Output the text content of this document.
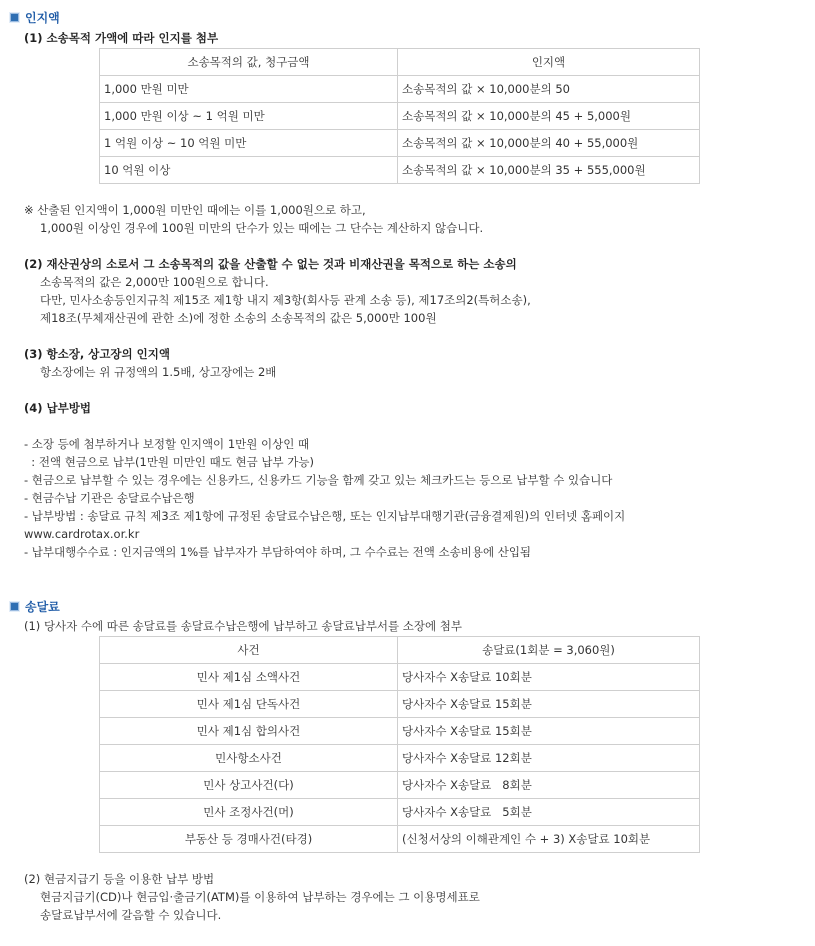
인지액
(1) 소송목적 가액에 따라 인지를 첨부
소송목적의 값, 청구금액	인지액
1,000 만원 미만	소송목적의 값 × 10,000분의 50
1,000 만원 이상 ~ 1 억원 미만	소송목적의 값 × 10,000분의 45 + 5,000원
1 억원 이상 ~ 10 억원 미만	소송목적의 값 × 10,000분의 40 + 55,000원
10 억원 이상	소송목적의 값 × 10,000분의 35 + 555,000원
※ 산출된 인지액이 1,000원 미만인 때에는 이를 1,000원으로 하고,
1,000원 이상인 경우에 100원 미만의 단수가 있는 때에는 그 단수는 계산하지 않습니다.
(2) 재산권상의 소로서 그 소송목적의 값을 산출할 수 없는 것과 비재산권을 목적으로 하는 소송의
소송목적의 값은 2,000만 100원으로 합니다.
다만, 민사소송등인지규칙 제15조 제1항 내지 제3항(회사등 관계 소송 등), 제17조의2(특허소송),
제18조(무체재산권에 관한 소)에 정한 소송의 소송목적의 값은 5,000만 100원
(3) 항소장, 상고장의 인지액
항소장에는 위 규정액의 1.5배, 상고장에는 2배
(4) 납부방법
- 소장 등에 첨부하거나 보정할 인지액이 1만원 이상인 때
: 전액 현금으로 납부(1만원 미만인 때도 현금 납부 가능)
- 현금으로 납부할 수 있는 경우에는 신용카드, 신용카드 기능을 함께 갖고 있는 체크카드는 등으로 납부할 수 있습니다
- 현금수납 기관은 송달료수납은행
- 납부방법 : 송달료 규칙 제3조 제1항에 규정된 송달료수납은행, 또는 인지납부대행기관(금융결제원)의 인터넷 홈페이지
www.cardrotax.or.kr
- 납부대행수수료 : 인지금액의 1%를 납부자가 부담하여야 하며, 그 수수료는 전액 소송비용에 산입됨
송달료
(1) 당사자 수에 따른 송달료를 송달료수납은행에 납부하고 송달료납부서를 소장에 첨부
사건	송달료(1회분 = 3,060원)
민사 제1심 소액사건	당사자수 X송달료 10회분
민사 제1심 단독사건	당사자수 X송달료 15회분
민사 제1심 합의사건	당사자수 X송달료 15회분
민사항소사건	당사자수 X송달료 12회분
민사 상고사건(다)	당사자수 X송달료   8회분
민사 조정사건(머)	당사자수 X송달료   5회분
부동산 등 경매사건(타경)	(신청서상의 이해관계인 수 + 3) X송달료 10회분
(2) 현금지급기 등을 이용한 납부 방법
현금지급기(CD)나 현금입·출금기(ATM)를 이용하여 납부하는 경우에는 그 이용명세표로
송달료납부서에 갈음할 수 있습니다.
